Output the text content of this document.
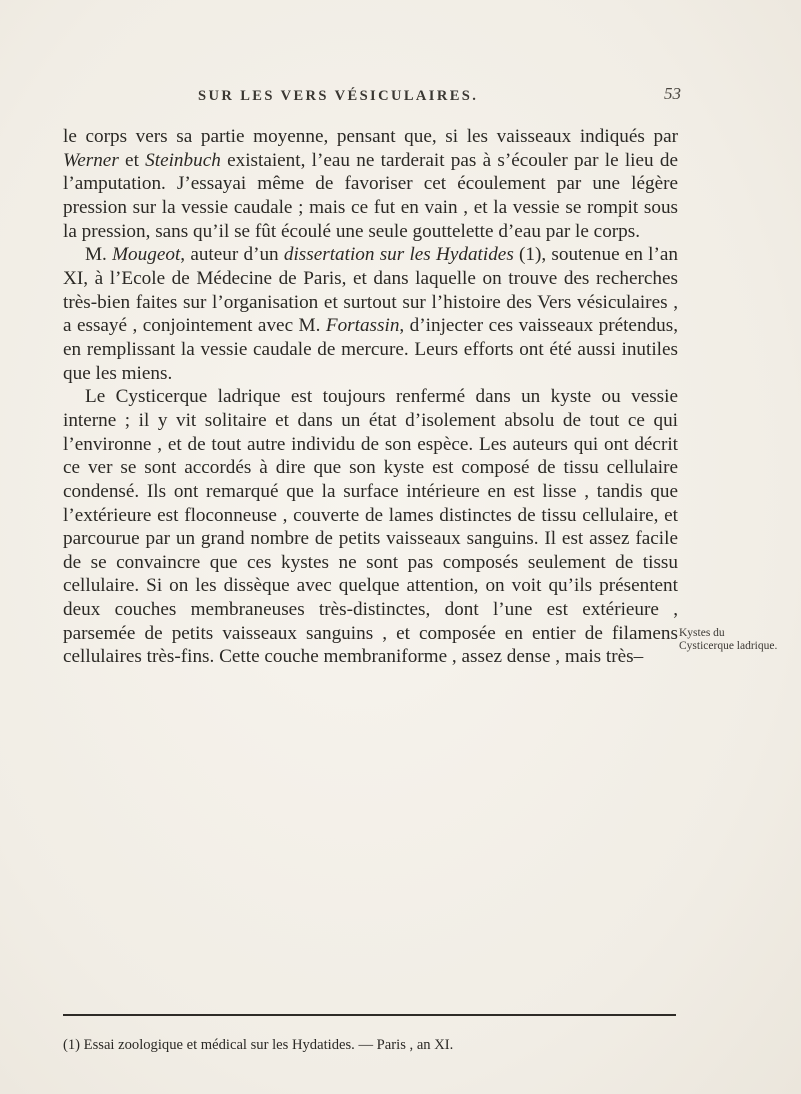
SUR LES VERS VÉSICULAIRES.	53

le corps vers sa partie moyenne, pensant que, si les vaisseaux indiqués par Werner et Steinbuch existaient, l’eau ne tarderait pas à s’écouler par le lieu de l’amputation. J’essayai même de favoriser cet écoulement par une légère pression sur la vessie caudale ; mais ce fut en vain , et la vessie se rompit sous la pression, sans qu’il se fût écoulé une seule gouttelette d’eau par le corps.

M. Mougeot, auteur d’un dissertation sur les Hydatides (1), soutenue en l’an XI, à l’Ecole de Médecine de Paris, et dans laquelle on trouve des recherches très-bien faites sur l’organisation et surtout sur l’histoire des Vers vésiculaires , a essayé , conjointement avec M. Fortassin, d’injecter ces vaisseaux prétendus, en remplissant la vessie caudale de mercure. Leurs efforts ont été aussi inutiles que les miens.

Le Cysticerque ladrique est toujours renfermé dans un kyste ou vessie interne ; il y vit solitaire et dans un état d’isolement absolu de tout ce qui l’environne , et de tout autre individu de son espèce. Les auteurs qui ont décrit ce ver se sont accordés à dire que son kyste est composé de tissu cellulaire condensé. Ils ont remarqué que la surface intérieure en est lisse , tandis que l’extérieure est floconneuse , couverte de lames distinctes de tissu cellulaire, et parcourue par un grand nombre de petits vaisseaux sanguins. Il est assez facile de se convaincre que ces kystes ne sont pas composés seulement de tissu cellulaire. Si on les dissèque avec quelque attention, on voit qu’ils présentent deux couches membraneuses très-distinctes, dont l’une est extérieure , parsemée de petits vaisseaux sanguins , et composée en entier de filamens cellulaires très-fins. Cette couche membraniforme , assez dense , mais très–

Kystes du Cysticerque ladrique.
(1) Essai zoologique et médical sur les Hydatides. — Paris , an XI.
